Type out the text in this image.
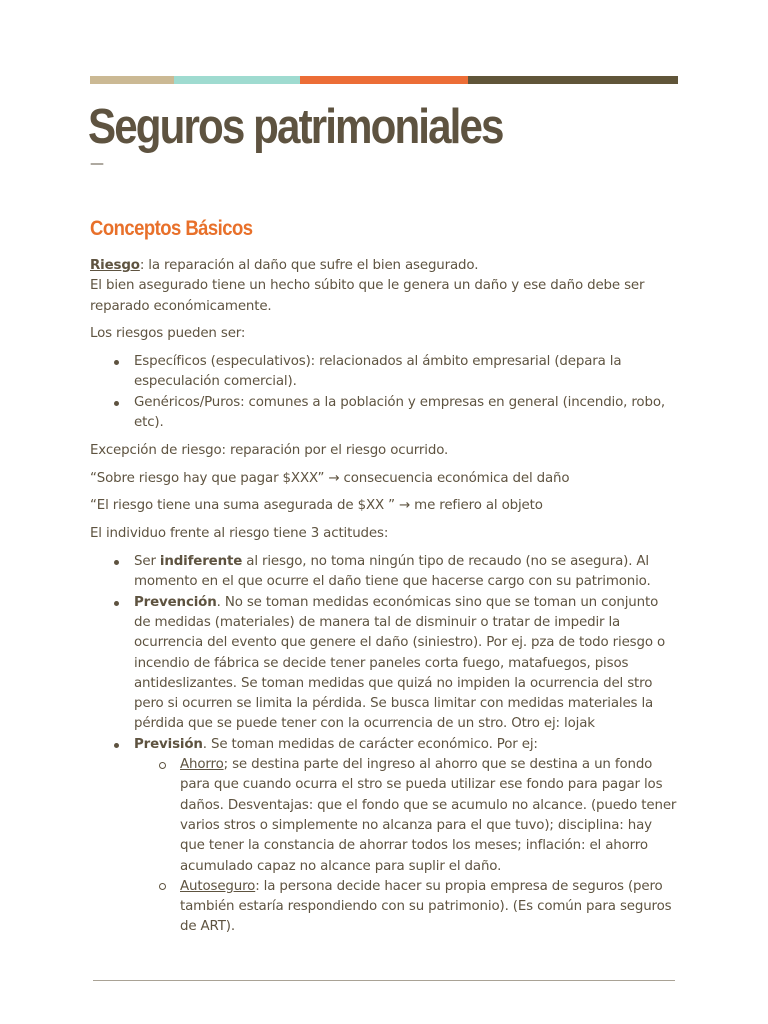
Seguros patrimoniales
—
Conceptos Básicos

Riesgo: la reparación al daño que sufre el bien asegurado.
El bien asegurado tiene un hecho súbito que le genera un daño y ese daño debe ser reparado económicamente.

Los riesgos pueden ser:

Específicos (especulativos): relacionados al ámbito empresarial (depara la especulación comercial).
Genéricos/Puros: comunes a la población y empresas en general (incendio, robo, etc).

Excepción de riesgo: reparación por el riesgo ocurrido.

“Sobre riesgo hay que pagar $XXX” → consecuencia económica del daño

“El riesgo tiene una suma asegurada de $XX ” → me refiero al objeto

El individuo frente al riesgo tiene 3 actitudes:

Ser indiferente al riesgo, no toma ningún tipo de recaudo (no se asegura). Al momento en el que ocurre el daño tiene que hacerse cargo con su patrimonio.
Prevención. No se toman medidas económicas sino que se toman un conjunto de medidas (materiales) de manera tal de disminuir o tratar de impedir la ocurrencia del evento que genere el daño (siniestro). Por ej. pza de todo riesgo o incendio de fábrica se decide tener paneles corta fuego, matafuegos, pisos antideslizantes. Se toman medidas que quizá no impiden la ocurrencia del stro pero si ocurren se limita la pérdida. Se busca limitar con medidas materiales la pérdida que se puede tener con la ocurrencia de un stro. Otro ej: lojak
Previsión. Se toman medidas de carácter económico. Por ej:
Ahorro; se destina parte del ingreso al ahorro que se destina a un fondo para que cuando ocurra el stro se pueda utilizar ese fondo para pagar los daños. Desventajas: que el fondo que se acumulo no alcance. (puedo tener varios stros o simplemente no alcanza para el que tuvo); disciplina: hay que tener la constancia de ahorrar todos los meses; inflación: el ahorro acumulado capaz no alcance para suplir el daño.
Autoseguro: la persona decide hacer su propia empresa de seguros (pero también estaría respondiendo con su patrimonio). (Es común para seguros de ART).
